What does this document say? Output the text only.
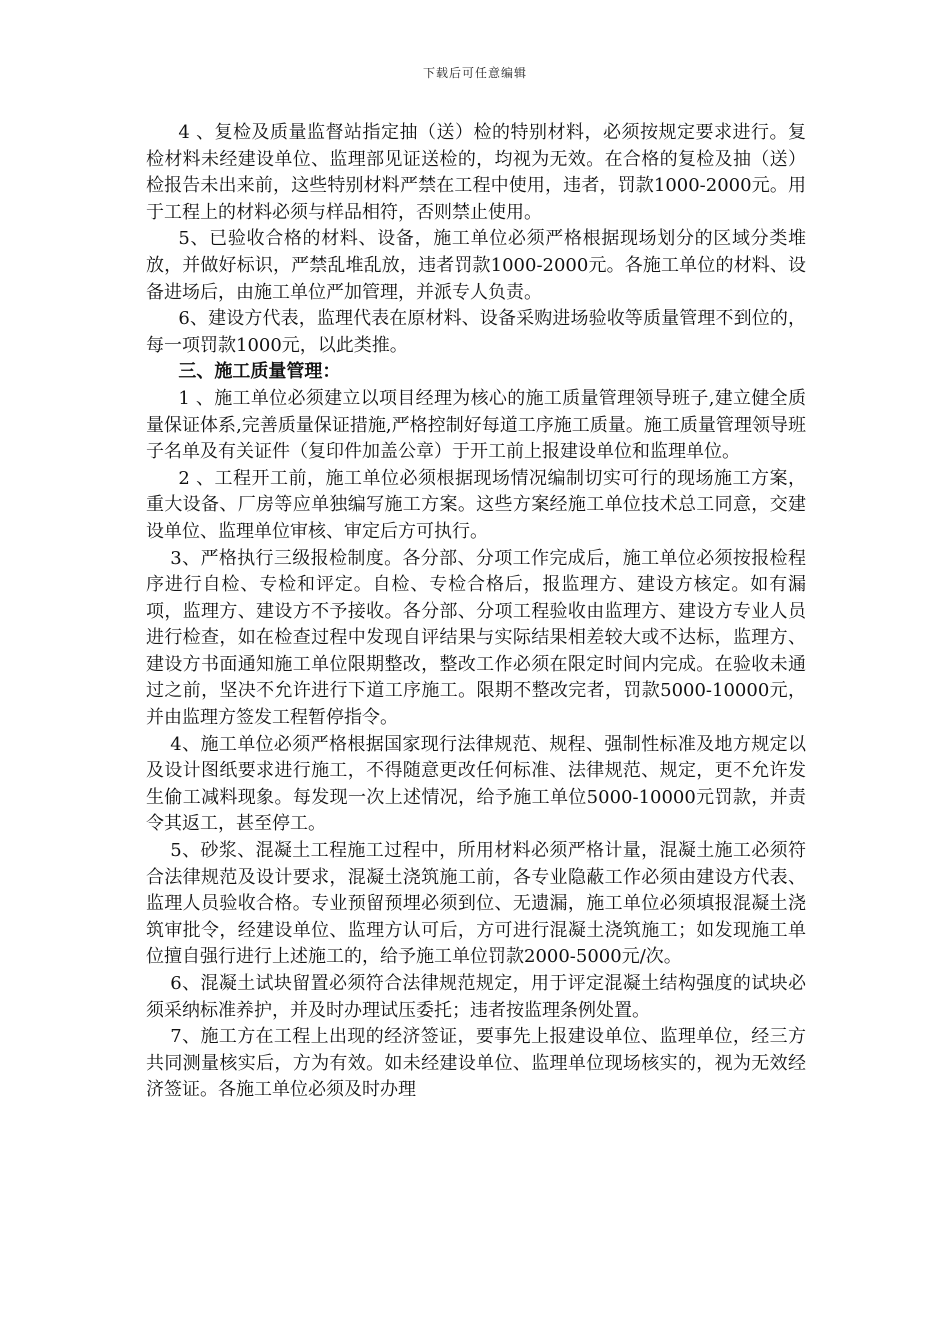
下载后可任意编辑

4 、复检及质量监督站指定抽（送）检的特别材料，必须按规定要求进行。复检材料未经建设单位、监理部见证送检的，均视为无效。在合格的复检及抽（送）检报告未出来前，这些特别材料严禁在工程中使用，违者，罚款1000-2000元。用于工程上的材料必须与样品相符，否则禁止使用。

5、已验收合格的材料、设备，施工单位必须严格根据现场划分的区域分类堆放，并做好标识，严禁乱堆乱放，违者罚款1000-2000元。各施工单位的材料、设备进场后，由施工单位严加管理，并派专人负责。

6、建设方代表，监理代表在原材料、设备采购进场验收等质量管理不到位的，每一项罚款1000元，以此类推。

三、施工质量管理：

1 、施工单位必须建立以项目经理为核心的施工质量管理领导班子,建立健全质量保证体系,完善质量保证措施,严格控制好每道工序施工质量。施工质量管理领导班子名单及有关证件（复印件加盖公章）于开工前上报建设单位和监理单位。

2 、工程开工前，施工单位必须根据现场情况编制切实可行的现场施工方案，重大设备、厂房等应单独编写施工方案。这些方案经施工单位技术总工同意，交建设单位、监理单位审核、审定后方可执行。

3、严格执行三级报检制度。各分部、分项工作完成后，施工单位必须按报检程序进行自检、专检和评定。自检、专检合格后，报监理方、建设方核定。如有漏项，监理方、建设方不予接收。各分部、分项工程验收由监理方、建设方专业人员进行检查，如在检查过程中发现自评结果与实际结果相差较大或不达标，监理方、建设方书面通知施工单位限期整改，整改工作必须在限定时间内完成。在验收未通过之前，坚决不允许进行下道工序施工。限期不整改完者，罚款5000-10000元，并由监理方签发工程暂停指令。

4、施工单位必须严格根据国家现行法律规范、规程、强制性标准及地方规定以及设计图纸要求进行施工，不得随意更改任何标准、法律规范、规定，更不允许发生偷工减料现象。每发现一次上述情况，给予施工单位5000-10000元罚款，并责令其返工，甚至停工。

5、砂浆、混凝土工程施工过程中，所用材料必须严格计量，混凝土施工必须符合法律规范及设计要求，混凝土浇筑施工前，各专业隐蔽工作必须由建设方代表、监理人员验收合格。专业预留预埋必须到位、无遗漏，施工单位必须填报混凝土浇筑审批令，经建设单位、监理方认可后，方可进行混凝土浇筑施工；如发现施工单位擅自强行进行上述施工的，给予施工单位罚款2000-5000元/次。

6、混凝土试块留置必须符合法律规范规定，用于评定混凝土结构强度的试块必须采纳标准养护，并及时办理试压委托；违者按监理条例处置。

7、施工方在工程上出现的经济签证，要事先上报建设单位、监理单位，经三方共同测量核实后，方为有效。如未经建设单位、监理单位现场核实的，视为无效经济签证。各施工单位必须及时办理
